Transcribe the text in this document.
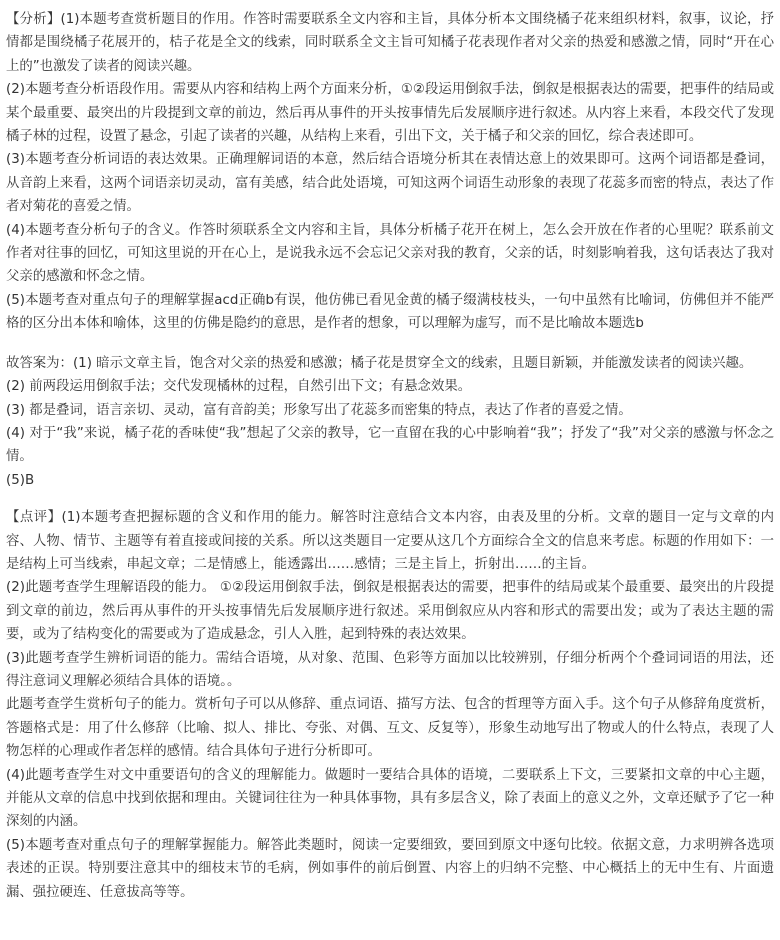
【分析】(1)本题考查赏析题目的作用。作答时需要联系全文内容和主旨，具体分析本文围绕橘子花来组织材料，叙事，议论，抒情都是围绕橘子花展开的，桔子花是全文的线索，同时联系全文主旨可知橘子花表现作者对父亲的热爱和感激之情，同时“开在心上的”也激发了读者的阅读兴趣。

(2)本题考查分析语段作用。需要从内容和结构上两个方面来分析，①②段运用倒叙手法，倒叙是根据表达的需要，把事件的结局或某个最重要、最突出的片段提到文章的前边，然后再从事件的开头按事情先后发展顺序进行叙述。从内容上来看，本段交代了发现橘子林的过程，设置了悬念，引起了读者的兴趣，从结构上来看，引出下文，关于橘子和父亲的回忆，综合表述即可。

(3)本题考查分析词语的表达效果。正确理解词语的本意，然后结合语境分析其在表情达意上的效果即可。这两个词语都是叠词，从音韵上来看，这两个词语亲切灵动，富有美感，结合此处语境，可知这两个词语生动形象的表现了花蕊多而密的特点，表达了作者对菊花的喜爱之情。

(4)本题考查分析句子的含义。作答时须联系全文内容和主旨，具体分析橘子花开在树上，怎么会开放在作者的心里呢？联系前文作者对往事的回忆，可知这里说的开在心上，是说我永远不会忘记父亲对我的教育，父亲的话，时刻影响着我，这句话表达了我对父亲的感激和怀念之情。

(5)本题考查对重点句子的理解掌握acd正确b有误，他仿佛已看见金黄的橘子缀满枝枝头，一句中虽然有比喻词，仿佛但并不能严格的区分出本体和喻体，这里的仿佛是隐约的意思，是作者的想象，可以理解为虚写，而不是比喻故本题选b

故答案为：(1) 暗示文章主旨，饱含对父亲的热爱和感激；橘子花是贯穿全文的线索，且题目新颖，并能激发读者的阅读兴趣。

(2) 前两段运用倒叙手法；交代发现橘林的过程，自然引出下文；有悬念效果。

(3) 都是叠词，语言亲切、灵动，富有音韵美；形象写出了花蕊多而密集的特点，表达了作者的喜爱之情。

(4) 对于“我”来说，橘子花的香味使“我”想起了父亲的教导，它一直留在我的心中影响着“我”；抒发了“我”对父亲的感激与怀念之情。

(5)B

【点评】(1)本题考查把握标题的含义和作用的能力。解答时注意结合文本内容，由表及里的分析。文章的题目一定与文章的内容、人物、情节、主题等有着直接或间接的关系。所以这类题目一定要从这几个方面综合全文的信息来考虑。标题的作用如下：一是结构上可当线索，串起文章；二是情感上，能透露出……感情；三是主旨上，折射出……的主旨。

(2)此题考查学生理解语段的能力。 ①②段运用倒叙手法，倒叙是根据表达的需要，把事件的结局或某个最重要、最突出的片段提到文章的前边，然后再从事件的开头按事情先后发展顺序进行叙述。采用倒叙应从内容和形式的需要出发；或为了表达主题的需要，或为了结构变化的需要或为了造成悬念，引人入胜，起到特殊的表达效果。

(3)此题考查学生辨析词语的能力。需结合语境，从对象、范围、色彩等方面加以比较辨别，仔细分析两个个叠词词语的用法，还得注意词义理解必须结合具体的语境。。

此题考查学生赏析句子的能力。赏析句子可以从修辞、重点词语、描写方法、包含的哲理等方面入手。这个句子从修辞角度赏析，答题格式是：用了什么修辞（比喻、拟人、排比、夸张、对偶、互文、反复等），形象生动地写出了物或人的什么特点，表现了人物怎样的心理或作者怎样的感情。结合具体句子进行分析即可。

(4)此题考查学生对文中重要语句的含义的理解能力。做题时一要结合具体的语境，二要联系上下文，三要紧扣文章的中心主题，并能从文章的信息中找到依据和理由。关键词往往为一种具体事物，具有多层含义，除了表面上的意义之外，文章还赋予了它一种深刻的内涵。

(5)本题考查对重点句子的理解掌握能力。解答此类题时，阅读一定要细致，要回到原文中逐句比较。依据文意，力求明辨各选项表述的正误。特别要注意其中的细枝末节的毛病，例如事件的前后倒置、内容上的归纳不完整、中心概括上的无中生有、片面遗漏、强拉硬连、任意拔高等等。
